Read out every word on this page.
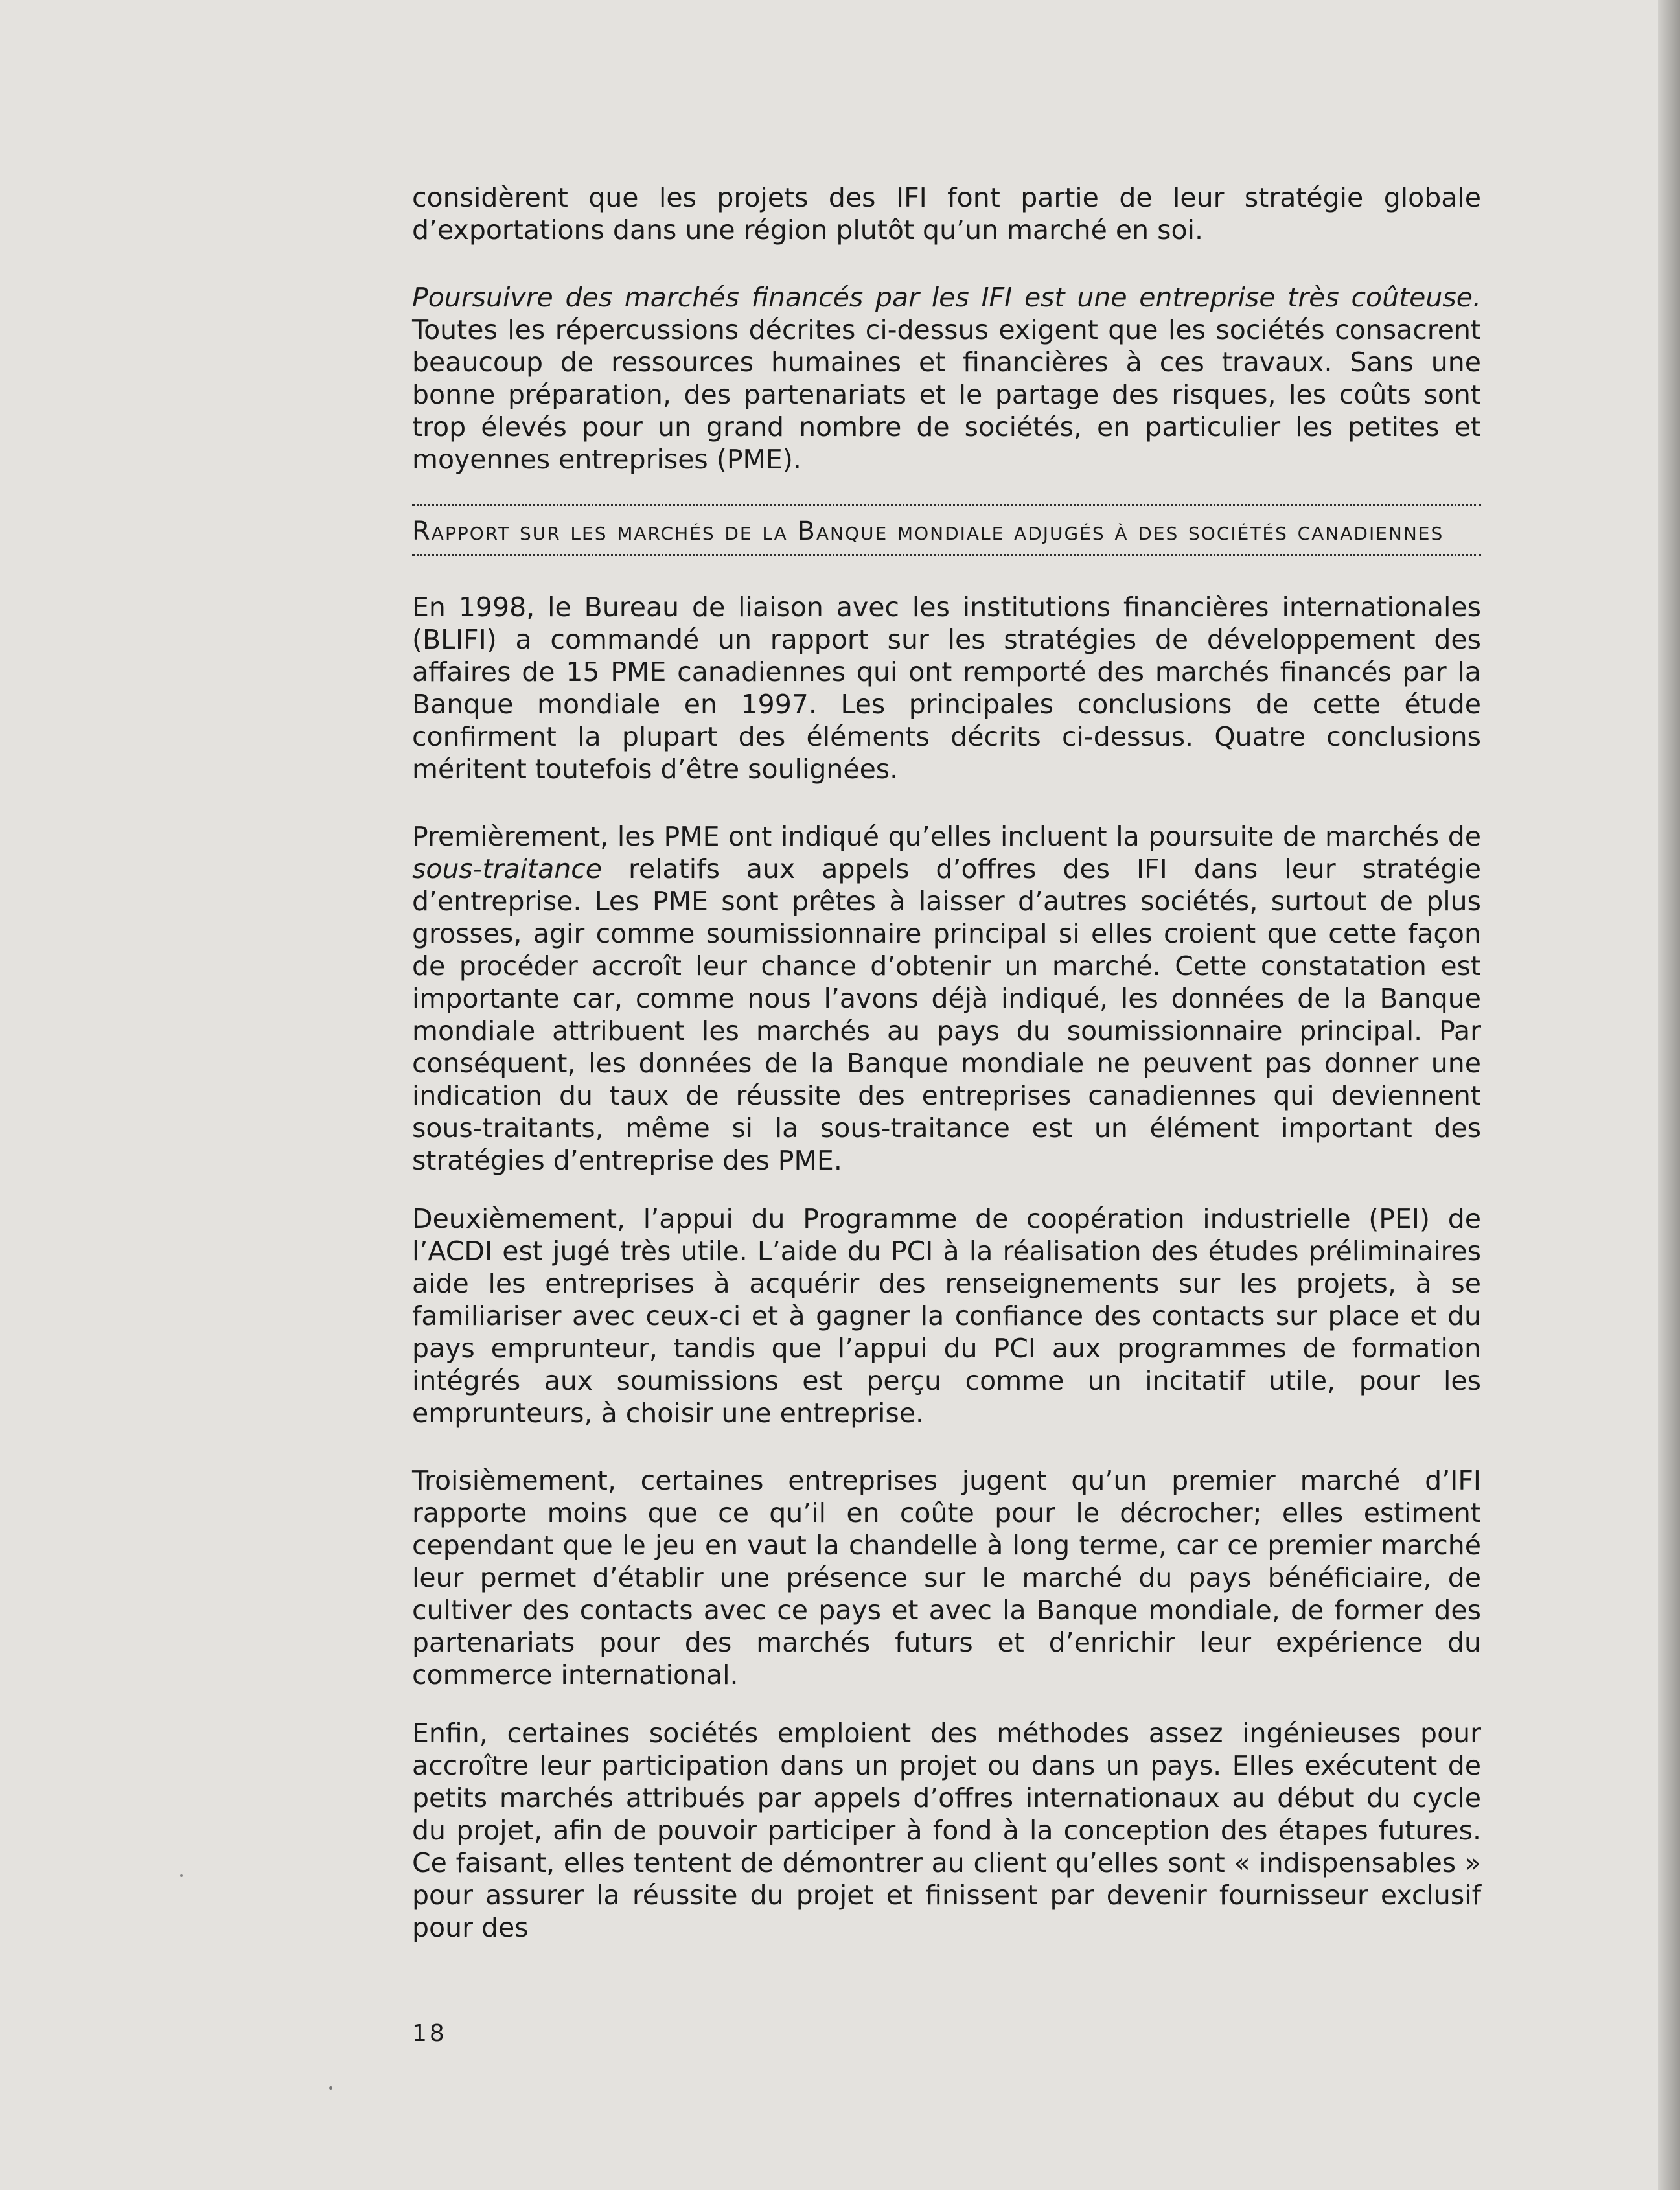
considèrent que les projets des IFI font partie de leur stratégie globale d’exportations dans une région plutôt qu’un marché en soi.

Poursuivre des marchés financés par les IFI est une entreprise très coûteuse. Toutes les répercussions décrites ci-dessus exigent que les sociétés consacrent beaucoup de ressources humaines et financières à ces travaux. Sans une bonne préparation, des partenariats et le partage des risques, les coûts sont trop élevés pour un grand nombre de sociétés, en particulier les petites et moyennes entreprises (PME).

Rapport sur les marchés de la Banque mondiale adjugés à des sociétés canadiennes

En 1998, le Bureau de liaison avec les institutions financières internationales (BLIFI) a commandé un rapport sur les stratégies de développement des affaires de 15 PME canadiennes qui ont remporté des marchés financés par la Banque mondiale en 1997. Les principales conclusions de cette étude confirment la plupart des éléments décrits ci-dessus. Quatre conclusions méritent toutefois d’être soulignées.

Premièrement, les PME ont indiqué qu’elles incluent la poursuite de marchés de sous-traitance relatifs aux appels d’offres des IFI dans leur stratégie d’entreprise. Les PME sont prêtes à laisser d’autres sociétés, surtout de plus grosses, agir comme soumissionnaire principal si elles croient que cette façon de procéder accroît leur chance d’obtenir un marché. Cette constatation est importante car, comme nous l’avons déjà indiqué, les données de la Banque mondiale attribuent les marchés au pays du soumissionnaire principal. Par conséquent, les données de la Banque mondiale ne peuvent pas donner une indication du taux de réussite des entreprises canadiennes qui deviennent sous-traitants, même si la sous-traitance est un élément important des stratégies d’entreprise des PME.

Deuxièmement, l’appui du Programme de coopération industrielle (PEI) de l’ACDI est jugé très utile. L’aide du PCI à la réalisation des études préliminaires aide les entreprises à acquérir des renseignements sur les projets, à se familiariser avec ceux-ci et à gagner la confiance des contacts sur place et du pays emprunteur, tandis que l’appui du PCI aux programmes de formation intégrés aux soumissions est perçu comme un incitatif utile, pour les emprunteurs, à choisir une entreprise.

Troisièmement, certaines entreprises jugent qu’un premier marché d’IFI rapporte moins que ce qu’il en coûte pour le décrocher; elles estiment cependant que le jeu en vaut la chandelle à long terme, car ce premier marché leur permet d’établir une présence sur le marché du pays bénéficiaire, de cultiver des contacts avec ce pays et avec la Banque mondiale, de former des partenariats pour des marchés futurs et d’enrichir leur expérience du commerce international.

Enfin, certaines sociétés emploient des méthodes assez ingénieuses pour accroître leur participation dans un projet ou dans un pays. Elles exécutent de petits marchés attribués par appels d’offres internationaux au début du cycle du projet, afin de pouvoir participer à fond à la conception des étapes futures. Ce faisant, elles tentent de démontrer au client qu’elles sont « indispensables » pour assurer la réussite du projet et finissent par devenir fournisseur exclusif pour des

18
